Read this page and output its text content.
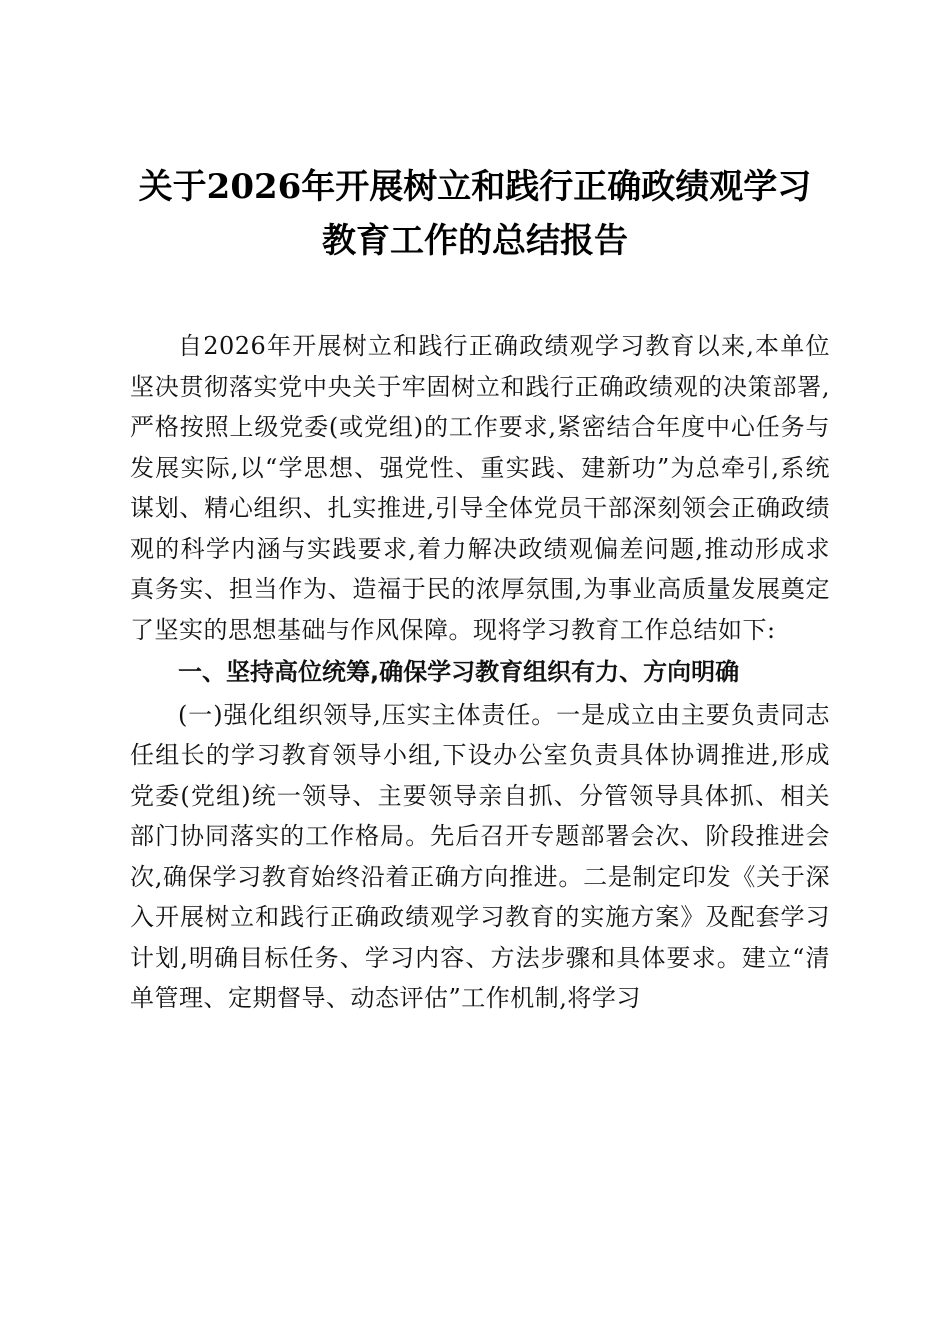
关于2026年开展树立和践行正确政绩观学习
教育工作的总结报告

自2026年开展树立和践行正确政绩观学习教育以来,本单位坚决贯彻落实党中央关于牢固树立和践行正确政绩观的决策部署,严格按照上级党委(或党组)的工作要求,紧密结合年度中心任务与发展实际,以“学思想、强党性、重实践、建新功”为总牵引,系统谋划、精心组织、扎实推进,引导全体党员干部深刻领会正确政绩观的科学内涵与实践要求,着力解决政绩观偏差问题,推动形成求真务实、担当作为、造福于民的浓厚氛围,为事业高质量发展奠定了坚实的思想基础与作风保障。现将学习教育工作总结如下:

一、坚持高位统筹,确保学习教育组织有力、方向明确

(一)强化组织领导,压实主体责任。一是成立由主要负责同志任组长的学习教育领导小组,下设办公室负责具体协调推进,形成党委(党组)统一领导、主要领导亲自抓、分管领导具体抓、相关部门协同落实的工作格局。先后召开专题部署会次、阶段推进会次,确保学习教育始终沿着正确方向推进。二是制定印发《关于深入开展树立和践行正确政绩观学习教育的实施方案》及配套学习计划,明确目标任务、学习内容、方法步骤和具体要求。建立“清单管理、定期督导、动态评估”工作机制,将学习
